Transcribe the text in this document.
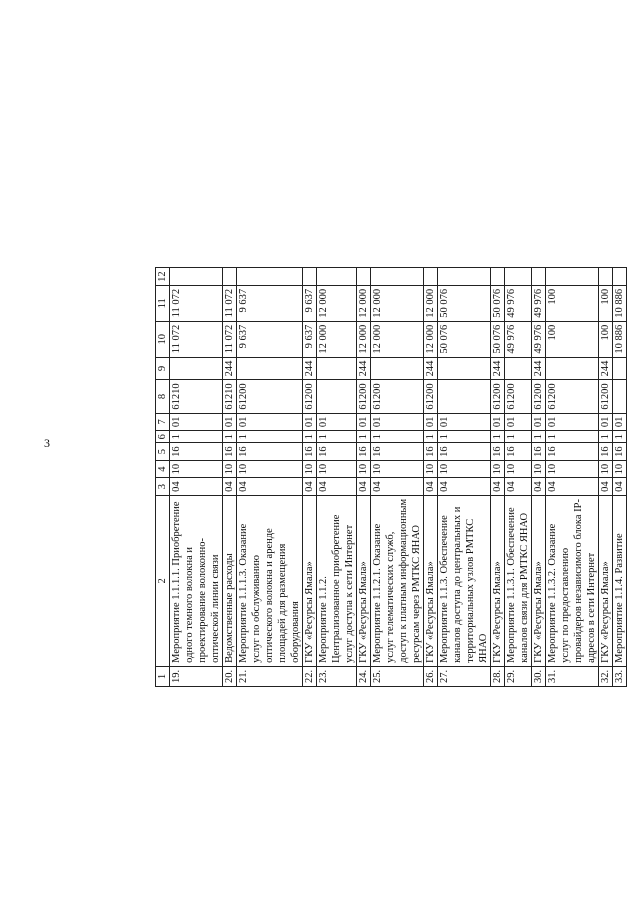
3
1	2	3	4	5	6	7	8	9	10	11	12
19.	Мероприятие 1.1.1.1. Приобретение одного темного волокна и проектирование волоконно-оптической линии связи	04	10	16	1	01	61210		11 072	11 072	
20.	Ведомственные расходы	04	10	16	1	01	61210	244	11 072	11 072	
21.	Мероприятие 1.1.1.3. Оказание услуг по обслуживанию оптического волокна и аренде площадей для размещения оборудования	04	10	16	1	01	61200		9 637	9 637	
22.	ГКУ «Ресурсы Ямала»	04	10	16	1	01	61200	244	9 637	9 637	
23.	Мероприятие 1.1.2. Централизованное приобретение услуг доступа к сети Интернет	04	10	16	1	01			12 000	12 000	
24.	ГКУ «Ресурсы Ямала»	04	10	16	1	01	61200	244	12 000	12 000	
25.	Мероприятие 1.1.2.1. Оказание услуг телематических служб, доступ к платным информационным ресурсам через РМТКС ЯНАО	04	10	16	1	01	61200		12 000	12 000	
26.	ГКУ «Ресурсы Ямала»	04	10	16	1	01	61200	244	12 000	12 000	
27.	Мероприятие 1.1.3. Обеспечение каналов доступа до центральных и территориальных узлов РМТКС ЯНАО	04	10	16	1	01			50 076	50 076	
28.	ГКУ «Ресурсы Ямала»	04	10	16	1	01	61200	244	50 076	50 076	
29.	Мероприятие 1.1.3.1. Обеспечение каналов связи для РМТКС ЯНАО	04	10	16	1	01	61200		49 976	49 976	
30.	ГКУ «Ресурсы Ямала»	04	10	16	1	01	61200	244	49 976	49 976	
31.	Мероприятие 1.1.3.2. Оказание услуг по предоставлению провайдеров независимого блока IP-адресов в сети Интернет	04	10	16	1	01	61200		100	100	
32.	ГКУ «Ресурсы Ямала»	04	10	16	1	01	61200	244	100	100	
33.	Мероприятие 1.1.4. Развитие	04	10	16	1	01			10 886	10 886	
